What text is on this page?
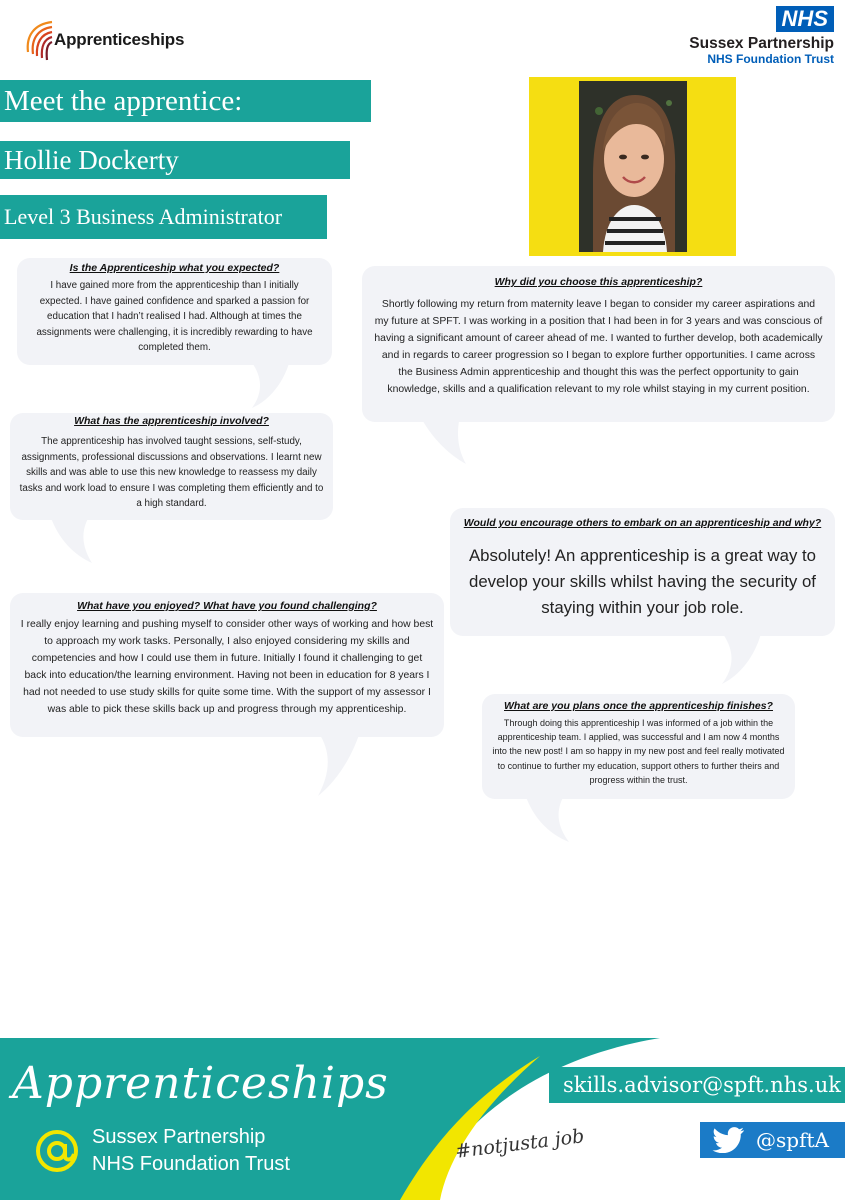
Apprenticeships
NHS
Sussex Partnership
NHS Foundation Trust
Meet the apprentice:
Hollie Dockerty
Level 3 Business Administrator
Is the Apprenticeship what you expected?
I have gained more from the apprenticeship than I initially expected. I have gained confidence and sparked a passion for education that I hadn’t realised I had. Although at times the assignments were challenging, it is incredibly rewarding to have completed them.
Why did you choose this apprenticeship?
Shortly following my return from maternity leave I began to consider my career aspirations and my future at SPFT. I was working in a position that I had been in for 3 years and was conscious of having a significant amount of career ahead of me. I wanted to further develop, both academically and in regards to career progression so I began to explore further opportunities. I came across the Business Admin apprenticeship and thought this was the perfect opportunity to gain knowledge, skills and a qualification relevant to my role whilst staying in my current position.
What has the apprenticeship involved?
The apprenticeship has involved taught sessions, self-study, assignments, professional discussions and observations. I learnt new skills and was able to use this new knowledge to reassess my daily tasks and work load to ensure I was completing them efficiently and to a high standard.
Would you encourage others to embark on an apprenticeship and why?
Absolutely! An apprenticeship is a great way to develop your skills whilst having the security of staying within your job role.
What have you enjoyed? What have you found challenging?
I really enjoy learning and pushing myself to consider other ways of working and how best to approach my work tasks. Personally, I also enjoyed considering my skills and competencies and how I could use them in future. Initially I found it challenging to get back into education/the learning environment. Having not been in education for 8 years I had not needed to use study skills for quite some time. With the support of my assessor I was able to pick these skills back up and progress through my apprenticeship.	What are you plans once the apprenticeship finishes?
Through doing this apprenticeship I was informed of a job within the apprenticeship team. I applied, was successful and I am now 4 months into the new post! I am so happy in my new post and feel really motivated to continue to further my education, support others to further theirs and progress within the trust.
Apprenticeships
Sussex Partnership
NHS Foundation Trust
#notjusta job
skills.advisor@spft.nhs.uk
@spftA
